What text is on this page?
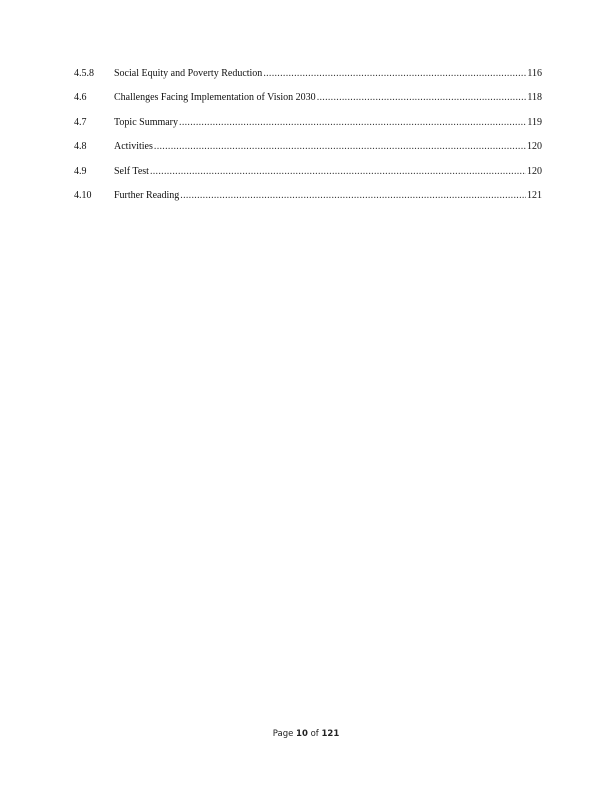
4.5.8	Social Equity and Poverty Reduction .....	116
4.6	Challenges Facing Implementation of Vision 2030 .....	118
4.7	Topic Summary .....	119
4.8	Activities .....	120
4.9	Self Test .....	120
4.10	Further Reading .....	121
Page 10 of 121
